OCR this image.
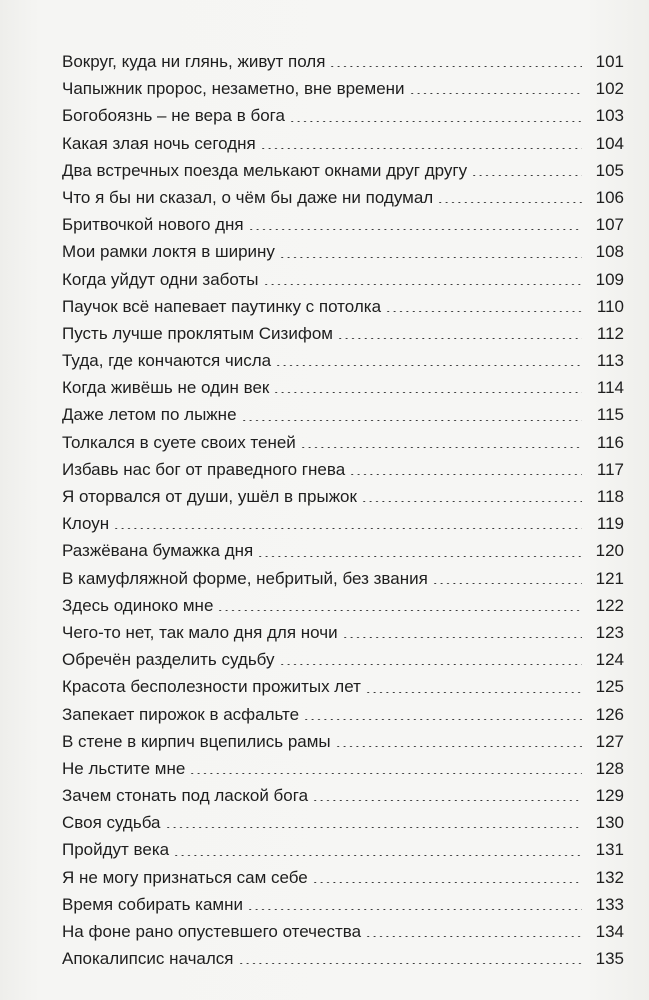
Вокруг, куда ни глянь, живут поля	101
Чапыжник пророс, незаметно, вне времени	102
Богобоязнь – не вера в бога	103
Какая злая ночь сегодня	104
Два встречных поезда мелькают окнами друг другу	105
Что я бы ни сказал, о чём бы даже ни подумал	106
Бритвочкой нового дня	107
Мои рамки локтя в ширину	108
Когда уйдут одни заботы	109
Паучок всё напевает паутинку с потолка	110
Пусть лучше проклятым Сизифом	112
Туда, где кончаются числа	113
Когда живёшь не один век	114
Даже летом по лыжне	115
Толкался в суете своих теней	116
Избавь нас бог от праведного гнева	117
Я оторвался от души, ушёл в прыжок	118
Клоун	119
Разжёвана бумажка дня	120
В камуфляжной форме, небритый, без звания	121
Здесь одиноко мне	122
Чего-то нет, так мало дня для ночи	123
Обречён разделить судьбу	124
Красота бесполезности прожитых лет	125
Запекает пирожок в асфальте	126
В стене в кирпич вцепились рамы	127
Не льстите мне	128
Зачем стонать под лаской бога	129
Своя судьба	130
Пройдут века	131
Я не могу признаться сам себе	132
Время собирать камни	133
На фоне рано опустевшего отечества	134
Апокалипсис начался	135
